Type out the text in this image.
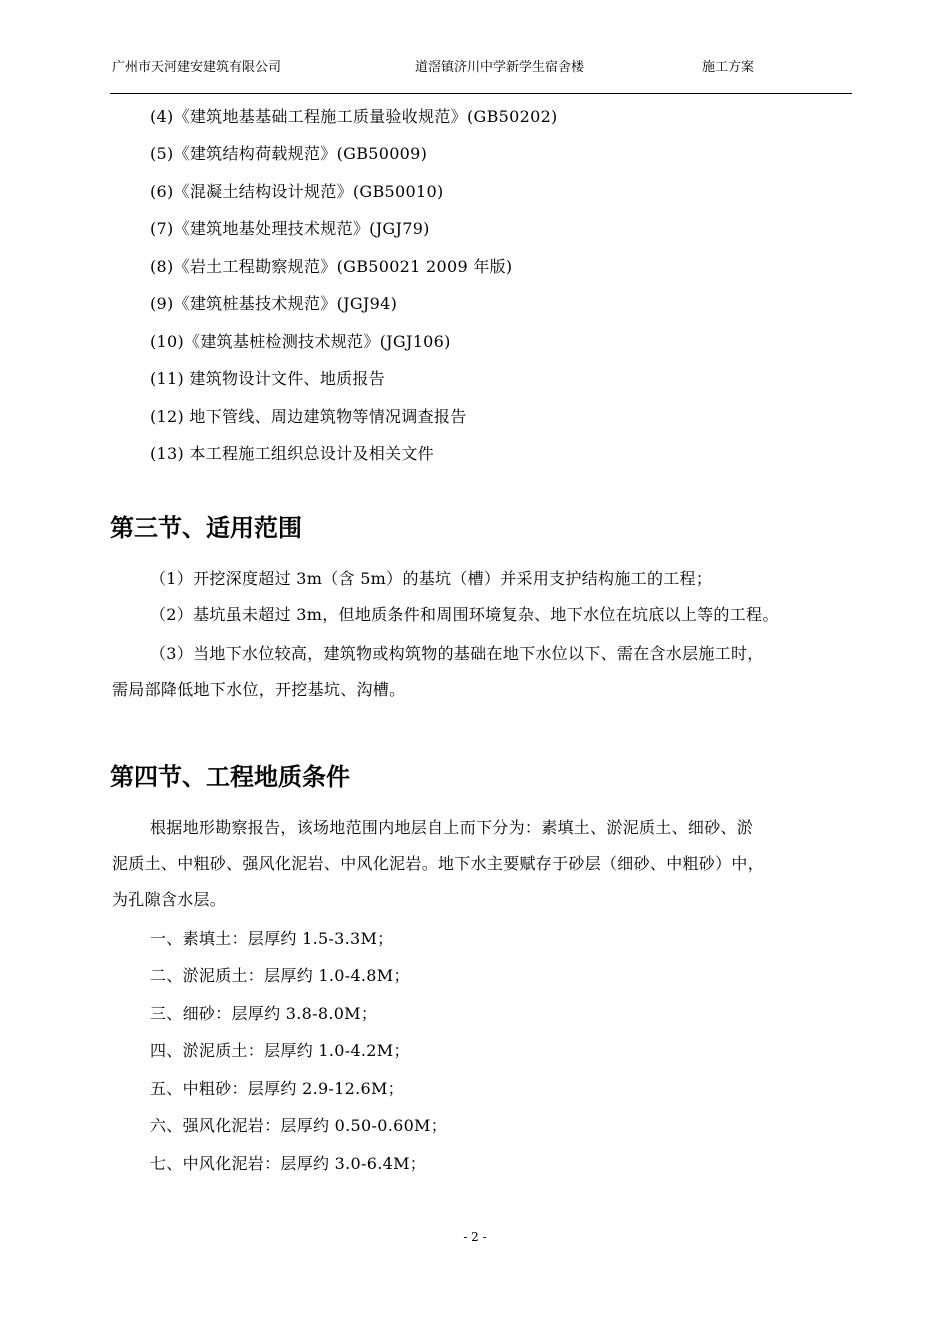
广州市天河建安建筑有限公司	道滘镇济川中学新学生宿舍楼	施工方案
(4)《建筑地基基础工程施工质量验收规范》(GB50202)
(5)《建筑结构荷载规范》(GB50009)
(6)《混凝土结构设计规范》(GB50010)
(7)《建筑地基处理技术规范》(JGJ79)
(8)《岩土工程勘察规范》(GB50021 2009 年版)
(9)《建筑桩基技术规范》(JGJ94)
(10)《建筑基桩检测技术规范》(JGJ106)
(11) 建筑物设计文件、地质报告
(12) 地下管线、周边建筑物等情况调查报告
(13) 本工程施工组织总设计及相关文件
第三节、适用范围
（1）开挖深度超过 3m（含 5m）的基坑（槽）并采用支护结构施工的工程；
（2）基坑虽未超过 3m，但地质条件和周围环境复杂、地下水位在坑底以上等的工程。
（3）当地下水位较高，建筑物或构筑物的基础在地下水位以下、需在含水层施工时，
需局部降低地下水位，开挖基坑、沟槽。
第四节、工程地质条件
根据地形勘察报告，该场地范围内地层自上而下分为：素填土、淤泥质土、细砂、淤
泥质土、中粗砂、强风化泥岩、中风化泥岩。地下水主要赋存于砂层（细砂、中粗砂）中，
为孔隙含水层。
一、素填土：层厚约 1.5-3.3M；
二、淤泥质土：层厚约 1.0-4.8M；
三、细砂：层厚约 3.8-8.0M；
四、淤泥质土：层厚约 1.0-4.2M；
五、中粗砂：层厚约 2.9-12.6M；
六、强风化泥岩：层厚约 0.50-0.60M；
七、中风化泥岩：层厚约 3.0-6.4M；
- 2 -
